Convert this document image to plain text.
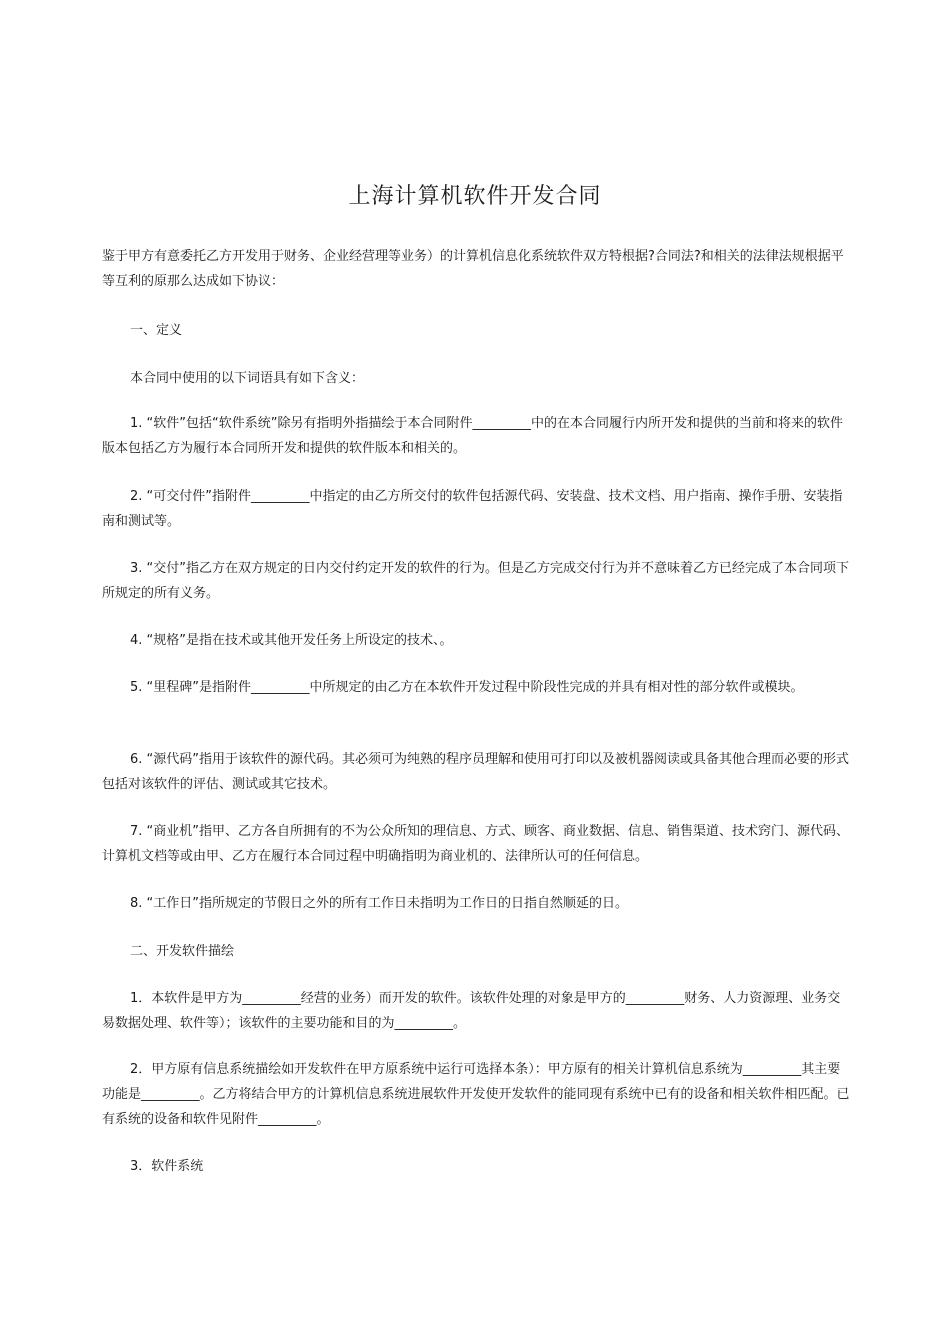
上海计算机软件开发合同

鉴于甲方有意委托乙方开发用于财务、企业经营理等业务）的计算机信息化系统软件双方特根据?合同法?和相关的法律法规根据平等互利的原那么达成如下协议：

一、定义

本合同中使用的以下词语具有如下含义：

1. “软件”包括“软件系统”除另有指明外指描绘于本合同附件_________中的在本合同履行内所开发和提供的当前和将来的软件版本包括乙方为履行本合同所开发和提供的软件版本和相关的。

2. “可交付件”指附件_________中指定的由乙方所交付的软件包括源代码、安装盘、技术文档、用户指南、操作手册、安装指南和测试等。

3. “交付”指乙方在双方规定的日内交付约定开发的软件的行为。但是乙方完成交付行为并不意味着乙方已经完成了本合同项下所规定的所有义务。

4. “规格”是指在技术或其他开发任务上所设定的技术、。

5. “里程碑”是指附件_________中所规定的由乙方在本软件开发过程中阶段性完成的并具有相对性的部分软件或模块。

6. “源代码”指用于该软件的源代码。其必须可为纯熟的程序员理解和使用可打印以及被机器阅读或具备其他合理而必要的形式包括对该软件的评估、测试或其它技术。

7. “商业机”指甲、乙方各自所拥有的不为公众所知的理信息、方式、顾客、商业数据、信息、销售渠道、技术窍门、源代码、计算机文档等或由甲、乙方在履行本合同过程中明确指明为商业机的、法律所认可的任何信息。

8. “工作日”指所规定的节假日之外的所有工作日未指明为工作日的日指自然顺延的日。

二、开发软件描绘

1．本软件是甲方为_________经营的业务）而开发的软件。该软件处理的对象是甲方的_________财务、人力资源理、业务交易数据处理、软件等）；该软件的主要功能和目的为_________。

2．甲方原有信息系统描绘如开发软件在甲方原系统中运行可选择本条）：甲方原有的相关计算机信息系统为_________其主要功能是_________。乙方将结合甲方的计算机信息系统进展软件开发使开发软件的能同现有系统中已有的设备和相关软件相匹配。已有系统的设备和软件见附件_________。

3．软件系统
